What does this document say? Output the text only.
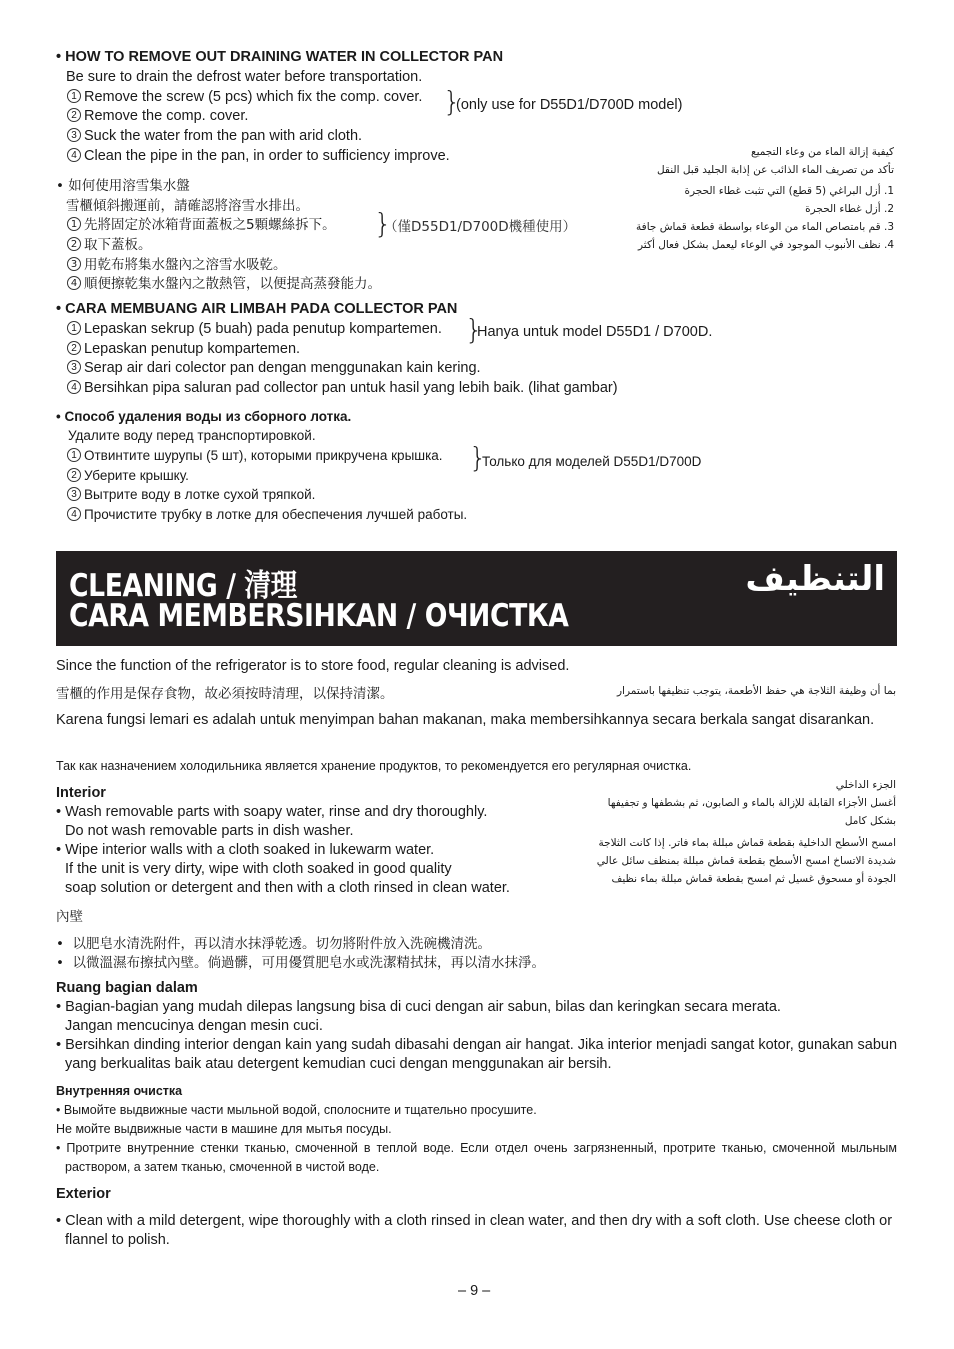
• HOW TO REMOVE OUT DRAINING WATER IN COLLECTOR PAN
Be sure to drain the defrost water before transportation.
1 Remove the screw (5 pcs) which fix the comp. cover.
2 Remove the comp. cover.
3 Suck the water from the pan with arid cloth.
4 Clean the pipe in the pan, in order to sufficiency improve.
}
(only use for D55D1/D700D model)
كيفية إزالة الماء من وعاء التجميع
تأكد من تصريف الماء الذائب عن إذابة الجليد قبل النقل
1. أزل البراغي (5 قطع) التي تثبت غطاء الحجرة
2. أزل غطاء الحجرة
3. قم بامتصاص الماء من الوعاء بواسطة قطعة قماش جافة
4. نظف الأنبوب الموجود في الوعاء ليعمل بشكل فعال أكثر
• 如何使用溶雪集水盤
雪櫃傾斜搬運前，請確認將溶雪水排出。
1 先將固定於冰箱背面蓋板之5顆螺絲拆下。
2 取下蓋板。
3 用乾布將集水盤內之溶雪水吸乾。
4 順便擦乾集水盤內之散熱管，以便提高蒸發能力。
}
（僅D55D1/D700D機種使用）
• CARA MEMBUANG AIR LIMBAH PADA COLLECTOR PAN
1 Lepaskan sekrup (5 buah) pada penutup kompartemen.
2 Lepaskan penutup kompartemen.
3 Serap air dari colector pan dengan menggunakan kain kering.
4 Bersihkan pipa saluran pad collector pan untuk hasil yang lebih baik. (lihat gambar)
}
Hanya untuk model D55D1 / D700D.
• Способ удаления воды из сборного лотка.
Удалите воду перед транспортировкой.
1 Отвинтите шурупы (5 шт), которыми прикручена крышка.
2 Уберите крышку.
3 Вытрите воду в лотке сухой тряпкой.
4 Прочистите трубку в лотке для обеспечения лучшей работы.
}
Только для моделей D55D1/D700D
CLEANING / 清理
CARA MEMBERSIHKAN / ОЧИСТКА
التنظيف
Since the function of the refrigerator is to store food, regular cleaning is advised.
雪櫃的作用是保存食物，故必須按時清理，以保持清潔。	بما أن وظيفة الثلاجة هي حفظ الأطعمة، يتوجب تنظيفها باستمرار
Karena fungsi lemari es adalah untuk menyimpan bahan makanan, maka membersihkannya secara berkala sangat disarankan.
Так как назначением холодильника является хранение продуктов, то рекомендуется его регулярная очистка.
Interior
• Wash removable parts with soapy water, rinse and dry thoroughly.
Do not wash removable parts in dish washer.
• Wipe interior walls with a cloth soaked in lukewarm water.
If the unit is very dirty, wipe with cloth soaked in good quality
soap solution or detergent and then with a cloth rinsed in clean water.
الجزء الداخلي
أغسل الأجزاء القابلة للإزالة بالماء و الصابون، ثم بشطفها و تجفيفها
بشكل كامل
امسح الأسطح الداخلية بقطعة قماش مبللة بماء فاتر. إذا كانت الثلاجة
شديدة الاتساخ امسح الأسطح بقطعة قماش مبللة بمنظف سائل عالي
الجودة أو مسحوق غسيل ثم امسح بقطعة قماش مبللة بماء نظيف
內壁
•  以肥皂水清洗附件，再以清水抹淨乾透。切勿將附件放入洗碗機清洗。
•  以微溫濕布擦拭內壁。倘過髒，可用優質肥皂水或洗潔精拭抹，再以清水抹淨。
Ruang bagian dalam
• Bagian-bagian yang mudah dilepas langsung bisa di cuci dengan air sabun, bilas dan keringkan secara merata.
Jangan mencucinya dengan mesin cuci.
• Bersihkan dinding interior dengan kain yang sudah dibasahi dengan air hangat. Jika interior menjadi sangat kotor, gunakan sabun yang berkualitas baik atau detergent kemudian cuci dengan menggunakan air bersih.
Внутренняя очистка
• Вымойте выдвижные части мыльной водой, сполосните и тщательно просушите.
Не мойте выдвижные части в машине для мытья посуды.
• Протрите внутренние стенки тканью, смоченной в теплой воде. Если отдел очень загрязненный, протрите тканью, смоченной мыльным раствором, а затем тканью, смоченной в чистой воде.
Exterior
• Clean with a mild detergent, wipe thoroughly with a cloth rinsed in clean water, and then dry with a soft cloth. Use cheese cloth or flannel to polish.
– 9 –
